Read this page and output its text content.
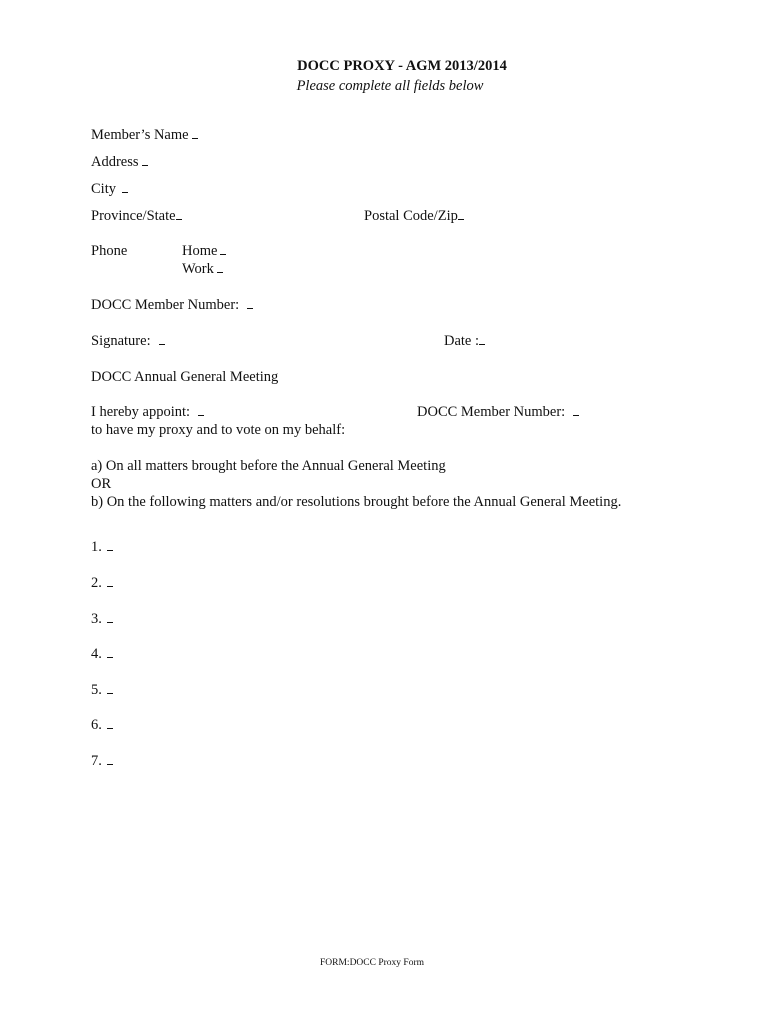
DOCC PROXY - AGM 2013/2014
Please complete all fields below
Member’s Name
Address
City
Province/State	Postal Code/Zip
Phone	Home
Work
DOCC Member Number:
Signature:	Date :
DOCC Annual General Meeting
I hereby appoint:	DOCC Member Number:
to have my proxy and to vote on my behalf:
a) On all matters brought before the Annual General Meeting
OR
b) On the following matters and/or resolutions brought before the Annual General Meeting.
1.
2.
3.
4.
5.
6.
7.
FORM:DOCC Proxy Form
